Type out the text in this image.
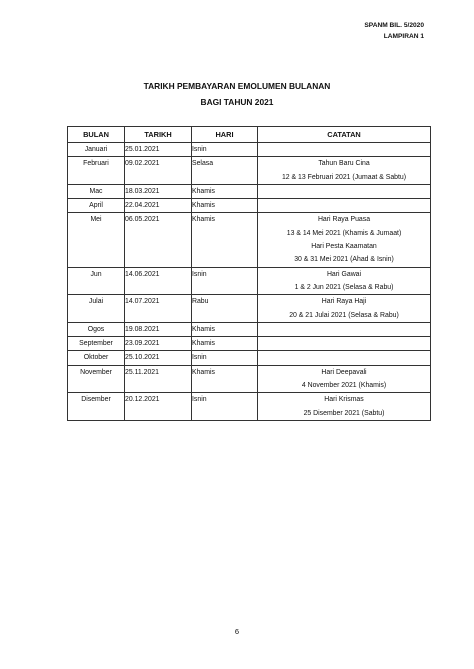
SPANM BIL. 5/2020
LAMPIRAN 1
TARIKH PEMBAYARAN EMOLUMEN BULANAN
BAGI TAHUN 2021
BULAN	TARIKH	HARI	CATATAN
Januari	25.01.2021	Isnin	
Februari	09.02.2021	Selasa	Tahun Baru Cina
12 & 13 Februari 2021 (Jumaat & Sabtu)

Mac	18.03.2021	Khamis	
April	22.04.2021	Khamis	
Mei	06.05.2021	Khamis	Hari Raya Puasa
13 & 14 Mei 2021 (Khamis & Jumaat)
Hari Pesta Kaamatan
30 & 31 Mei 2021 (Ahad & Isnin)

Jun	14.06.2021	Isnin	Hari Gawai
1 & 2 Jun 2021 (Selasa & Rabu)

Julai	14.07.2021	Rabu	Hari Raya Haji
20 & 21 Julai 2021 (Selasa & Rabu)

Ogos	19.08.2021	Khamis	
September	23.09.2021	Khamis	
Oktober	25.10.2021	Isnin	
November	25.11.2021	Khamis	Hari Deepavali
4 November 2021 (Khamis)

Disember	20.12.2021	Isnin	Hari Krismas
25 Disember 2021 (Sabtu)
6
